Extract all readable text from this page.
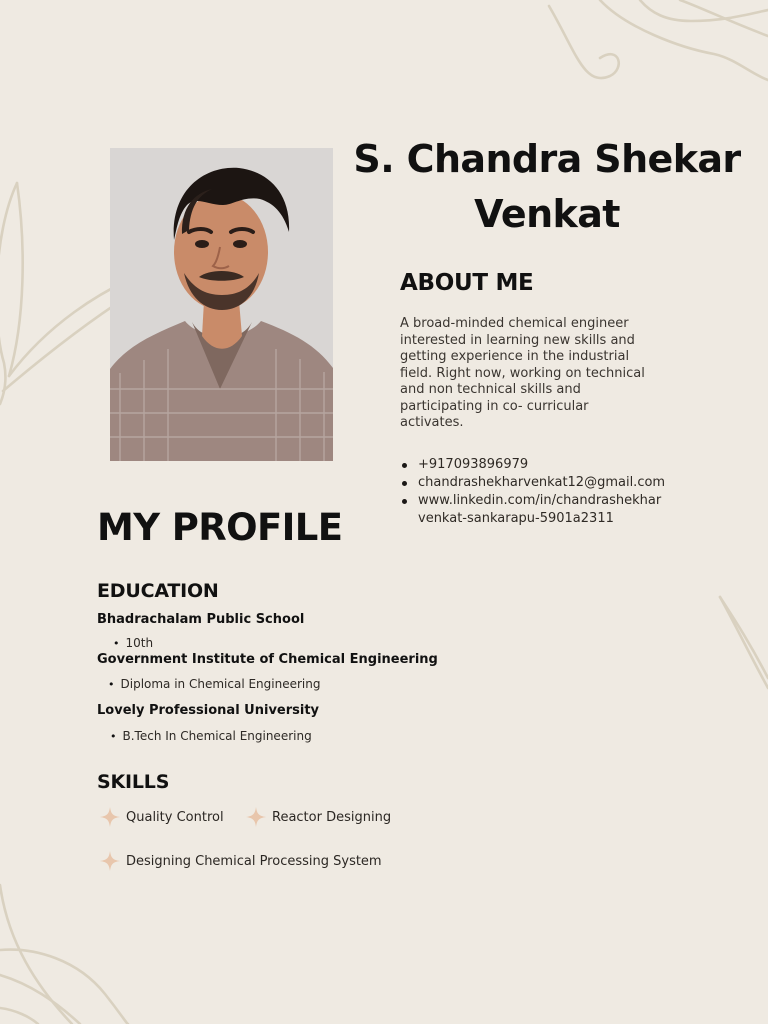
S. Chandra Shekar
Venkat
ABOUT ME

A broad-minded chemical engineer interested in learning new skills and getting experience in the industrial field. Right now, working on technical and non technical skills and participating in co- curricular activates.

+917093896979
chandrashekharvenkat12@gmail.com
www.linkedin.com/in/chandrashekhar
venkat-sankarapu-5901a2311
MY PROFILE
EDUCATION
Bhadrachalam Public School
• 10th
Government Institute of Chemical Engineering
• Diploma in Chemical Engineering
Lovely Professional University
• B.Tech In Chemical Engineering
SKILLS
Quality Control	Reactor Designing
Designing Chemical Processing System
